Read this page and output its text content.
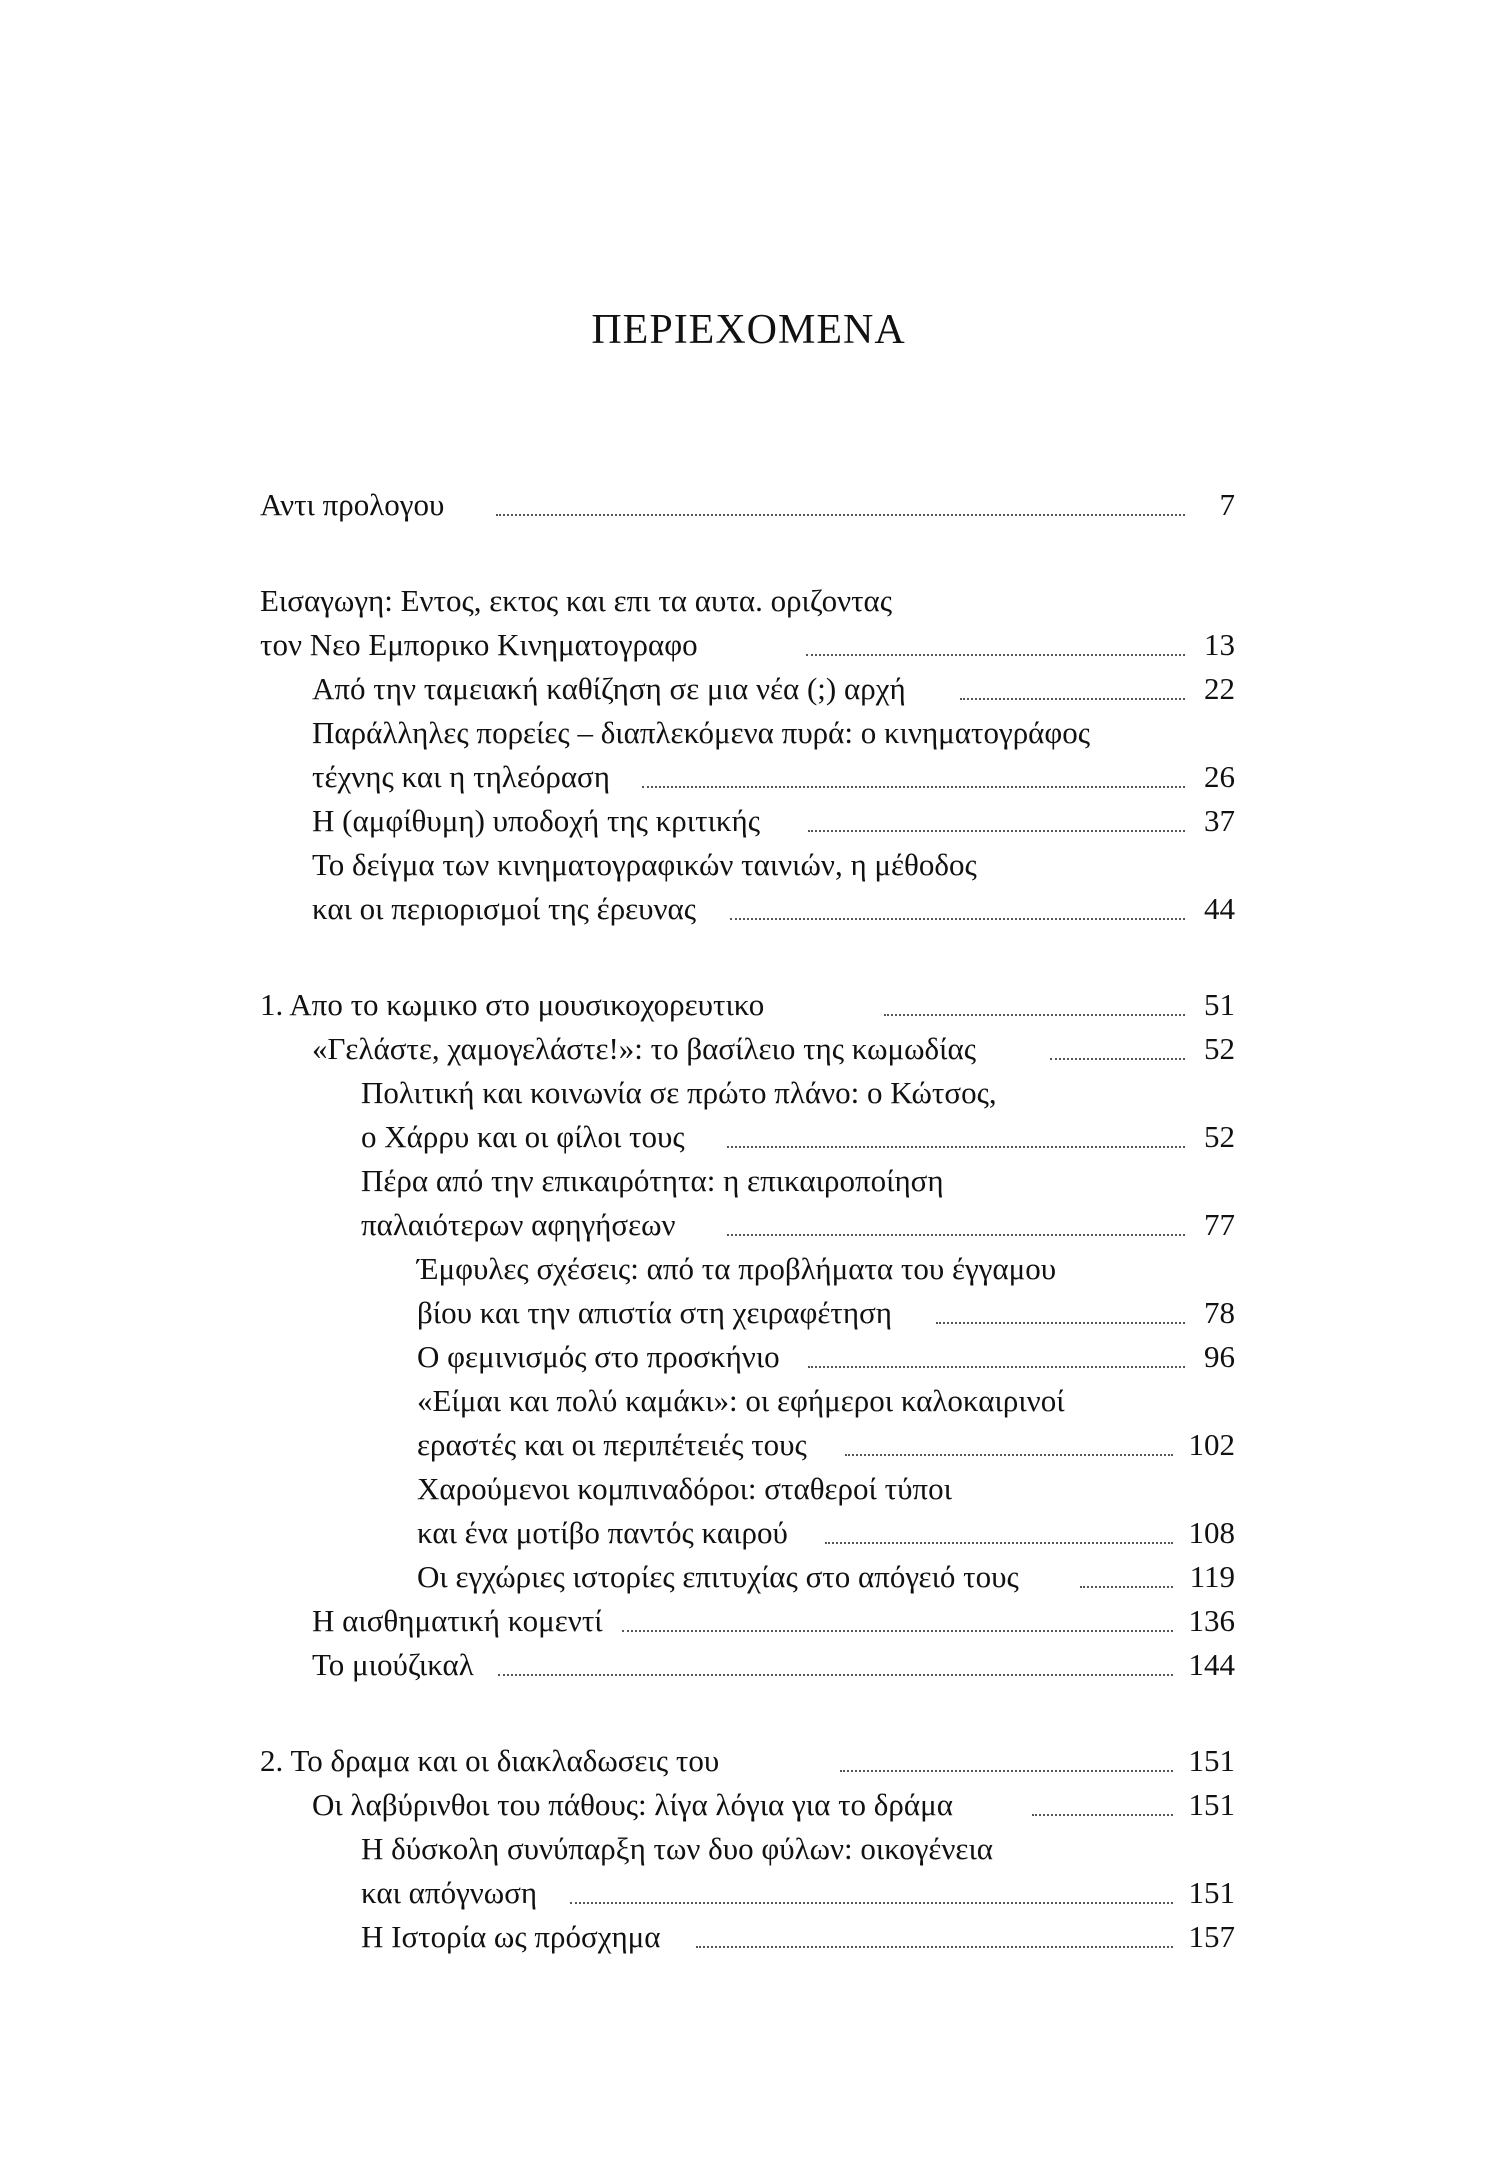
ΠΕΡΙΕΧΟΜΕΝΑ
Αντι προλογου	7
Εισαγωγη: Εντος, εκτος και επι τα αυτα. οριζοντας
τον Νεο Εμπορικο Κινηματογραφο	13
Από την ταμειακή καθίζηση σε μια νέα (;) αρχή	22
Παράλληλες πορείες – διαπλεκόμενα πυρά: ο κινηματογράφος
τέχνης και η τηλεόραση	26
Η (αμφίθυμη) υποδοχή της κριτικής	37
Το δείγμα των κινηματογραφικών ταινιών, η μέθοδος
και οι περιορισμοί της έρευνας	44
1. Απο το κωμικο στο μουσικοχορευτικο	51
«Γελάστε, χαμογελάστε!»: το βασίλειο της κωμωδίας	52
Πολιτική και κοινωνία σε πρώτο πλάνο: ο Κώτσος,
ο Χάρρυ και οι φίλοι τους	52
Πέρα από την επικαιρότητα: η επικαιροποίηση
παλαιότερων αφηγήσεων	77
Έμφυλες σχέσεις: από τα προβλήματα του έγγαμου
βίου και την απιστία στη χειραφέτηση	78
Ο φεμινισμός στο προσκήνιο	96
«Είμαι και πολύ καμάκι»: οι εφήμεροι καλοκαιρινοί
εραστές και οι περιπέτειές τους	102
Χαρούμενοι κομπιναδόροι: σταθεροί τύποι
και ένα μοτίβο παντός καιρού	108
Οι εγχώριες ιστορίες επιτυχίας στο απόγειό τους	119
Η αισθηματική κομεντί	136
Το μιούζικαλ	144
2. Το δραμα και οι διακλαδωσεις του	151
Οι λαβύρινθοι του πάθους: λίγα λόγια για το δράμα	151
Η δύσκολη συνύπαρξη των δυο φύλων: οικογένεια
και απόγνωση	151
Η Ιστορία ως πρόσχημα	157
